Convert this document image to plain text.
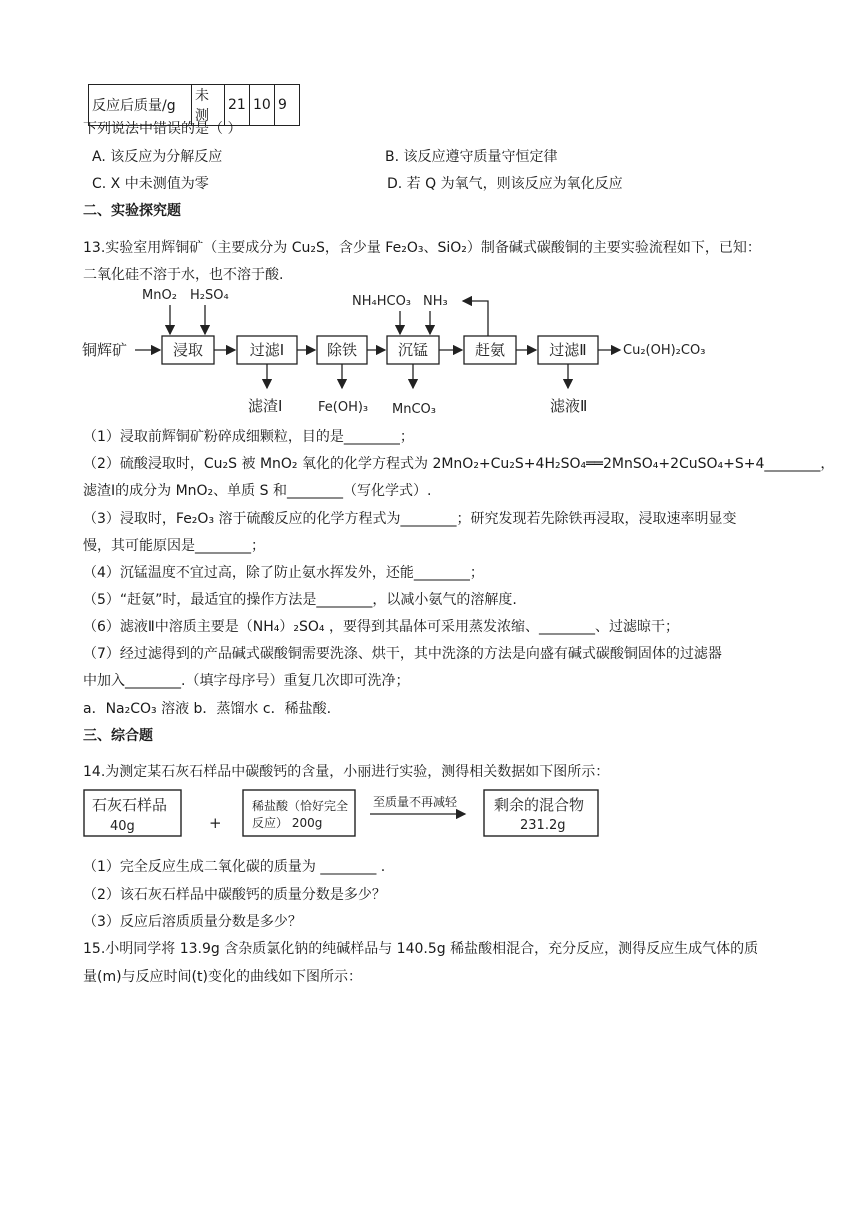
反应后质量/g	未测	21	10	9
下列说法中错误的是（ ）
A. 该反应为分解反应	B. 该反应遵守质量守恒定律
C. X 中未测值为零	D. 若 Q 为氧气，则该反应为氧化反应
二、实验探究题
13.实验室用辉铜矿（主要成分为 Cu₂S，含少量 Fe₂O₃、SiO₂）制备碱式碳酸铜的主要实验流程如下，已知：
二氧化硅不溶于水，也不溶于酸.
铜辉矿	浸取	过滤Ⅰ	除铁	沉锰	赶氨	过滤Ⅱ	Cu₂(OH)₂CO₃
MnO₂ H₂SO₄	NH₄HCO₃ NH₃
滤渣Ⅰ	Fe(OH)₃ MnCO₃	滤液Ⅱ
（1）浸取前辉铜矿粉碎成细颗粒，目的是________；
（2）硫酸浸取时，Cu₂S 被 MnO₂ 氧化的化学方程式为 2MnO₂+Cu₂S+4H₂SO₄══2MnSO₄+2CuSO₄+S+4________，
滤渣Ⅰ的成分为 MnO₂、单质 S 和________（写化学式）.
（3）浸取时，Fe₂O₃ 溶于硫酸反应的化学方程式为________；研究发现若先除铁再浸取，浸取速率明显变
慢，其可能原因是________；
（4）沉锰温度不宜过高，除了防止氨水挥发外，还能________；
（5）“赶氨”时，最适宜的操作方法是________，以减小氨气的溶解度.
（6）滤液Ⅱ中溶质主要是（NH₄）₂SO₄ ，要得到其晶体可采用蒸发浓缩、________、过滤晾干；
（7）经过滤得到的产品碱式碳酸铜需要洗涤、烘干，其中洗涤的方法是向盛有碱式碳酸铜固体的过滤器
中加入________.（填字母序号）重复几次即可洗净；
a．Na₂CO₃ 溶液 b．蒸馏水 c．稀盐酸.
三、综合题
14.为测定某石灰石样品中碳酸钙的含量，小丽进行实验，测得相关数据如下图所示：
石灰石样品
40g	+
稀盐酸（恰好完全
反应） 200g
至质量不再减轻 剩余的混合物
231.2g
（1）完全反应生成二氧化碳的质量为 ________ .
（2）该石灰石样品中碳酸钙的质量分数是多少？
（3）反应后溶质质量分数是多少？
15.小明同学将 13.9g 含杂质氯化钠的纯碱样品与 140.5g 稀盐酸相混合，充分反应，测得反应生成气体的质
量(m)与反应时间(t)变化的曲线如下图所示：
